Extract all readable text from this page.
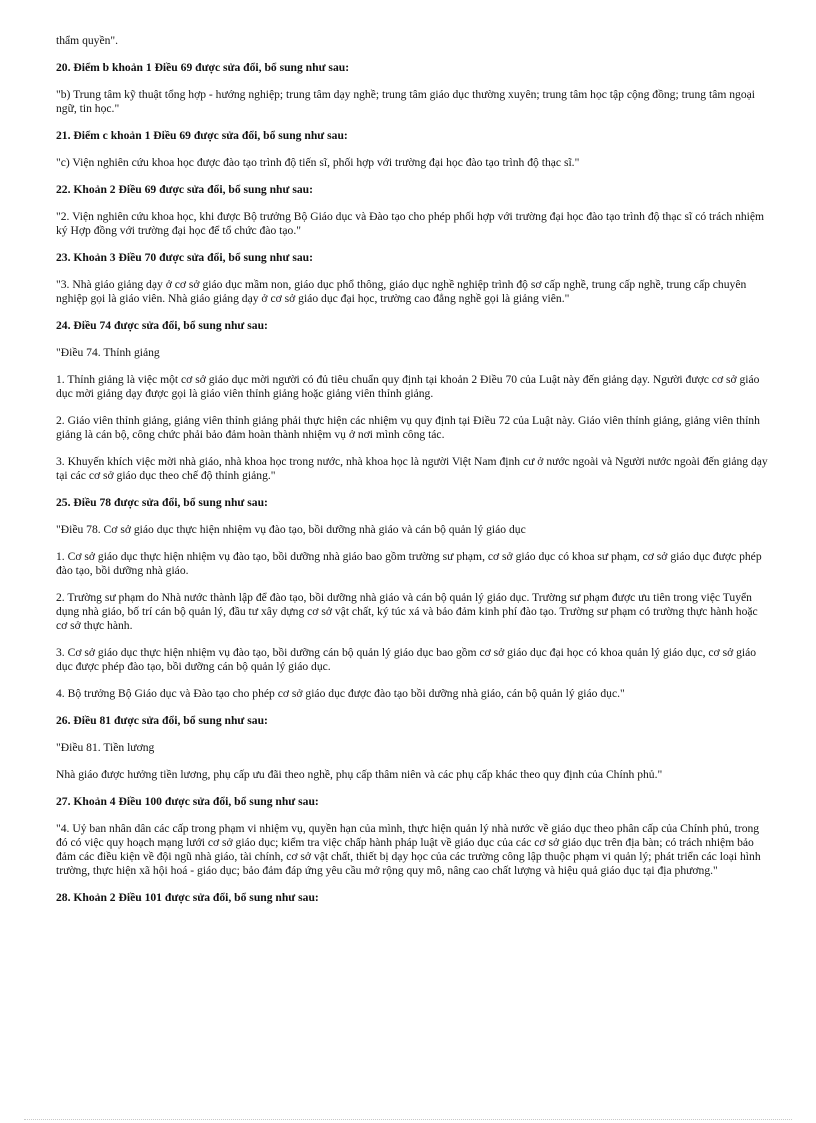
thẩm quyền".

20. Điểm b khoản 1 Điều 69 được sửa đổi, bổ sung như sau:

"b) Trung tâm kỹ thuật tổng hợp - hướng nghiệp; trung tâm dạy nghề; trung tâm giáo dục thường xuyên; trung tâm học tập cộng đồng; trung tâm ngoại ngữ, tin học."

21. Điểm c khoản 1 Điều 69 được sửa đổi, bổ sung như sau:

"c) Viện nghiên cứu khoa học được đào tạo trình độ tiến sĩ, phối hợp với trường đại học đào tạo trình độ thạc sĩ."

22. Khoản 2 Điều 69 được sửa đổi, bổ sung như sau:

"2. Viện nghiên cứu khoa học, khi được Bộ trưởng Bộ Giáo dục và Đào tạo cho phép phối hợp với trường đại học đào tạo trình độ thạc sĩ có trách nhiệm ký Hợp đồng với trường đại học để tổ chức đào tạo."

23. Khoản 3 Điều 70 được sửa đổi, bổ sung như sau:

"3. Nhà giáo giảng dạy ở cơ sở giáo dục mầm non, giáo dục phổ thông, giáo dục nghề nghiệp trình độ sơ cấp nghề, trung cấp nghề, trung cấp chuyên nghiệp gọi là giáo viên. Nhà giáo giảng dạy ở cơ sở giáo dục đại học, trường cao đẳng nghề gọi là giảng viên."

24. Điều 74 được sửa đổi, bổ sung như sau:

"Điều 74. Thỉnh giảng

1. Thỉnh giảng là việc một cơ sở giáo dục mời người có đủ tiêu chuẩn quy định tại khoản 2 Điều 70 của Luật này đến giảng dạy. Người được cơ sở giáo dục mời giảng dạy được gọi là giáo viên thỉnh giảng hoặc giảng viên thỉnh giảng.

2. Giáo viên thỉnh giảng, giảng viên thỉnh giảng phải thực hiện các nhiệm vụ quy định tại Điều 72 của Luật này. Giáo viên thỉnh giảng, giảng viên thỉnh giảng là cán bộ, công chức phải bảo đảm hoàn thành nhiệm vụ ở nơi mình công tác.

3. Khuyến khích việc mời nhà giáo, nhà khoa học trong nước, nhà khoa học là người Việt Nam định cư ở nước ngoài và Người nước ngoài đến giảng dạy tại các cơ sở giáo dục theo chế độ thỉnh giảng."

25. Điều 78 được sửa đổi, bổ sung như sau:

"Điều 78. Cơ sở giáo dục thực hiện nhiệm vụ đào tạo, bồi dưỡng nhà giáo và cán bộ quản lý giáo dục

1. Cơ sở giáo dục thực hiện nhiệm vụ đào tạo, bồi dưỡng nhà giáo bao gồm trường sư phạm, cơ sở giáo dục có khoa sư phạm, cơ sở giáo dục được phép đào tạo, bồi dưỡng nhà giáo.

2. Trường sư phạm do Nhà nước thành lập để đào tạo, bồi dưỡng nhà giáo và cán bộ quản lý giáo dục. Trường sư phạm được ưu tiên trong việc Tuyển dụng nhà giáo, bố trí cán bộ quản lý, đầu tư xây dựng cơ sở vật chất, ký túc xá và bảo đảm kinh phí đào tạo. Trường sư phạm có trường thực hành hoặc cơ sở thực hành.

3. Cơ sở giáo dục thực hiện nhiệm vụ đào tạo, bồi dưỡng cán bộ quản lý giáo dục bao gồm cơ sở giáo dục đại học có khoa quản lý giáo dục, cơ sở giáo dục được phép đào tạo, bồi dưỡng cán bộ quản lý giáo dục.

4. Bộ trưởng Bộ Giáo dục và Đào tạo cho phép cơ sở giáo dục được đào tạo bồi dưỡng nhà giáo, cán bộ quản lý giáo dục."

26. Điều 81 được sửa đổi, bổ sung như sau:

"Điều 81. Tiền lương

Nhà giáo được hưởng tiền lương, phụ cấp ưu đãi theo nghề, phụ cấp thâm niên và các phụ cấp khác theo quy định của Chính phủ."

27. Khoản 4 Điều 100 được sửa đổi, bổ sung như sau:

"4. Uỷ ban nhân dân các cấp trong phạm vi nhiệm vụ, quyền hạn của mình, thực hiện quản lý nhà nước về giáo dục theo phân cấp của Chính phủ, trong đó có việc quy hoạch mạng lưới cơ sở giáo dục; kiểm tra việc chấp hành pháp luật về giáo dục của các cơ sở giáo dục trên địa bàn; có trách nhiệm bảo đảm các điều kiện về đội ngũ nhà giáo, tài chính, cơ sở vật chất, thiết bị dạy học của các trường công lập thuộc phạm vi quản lý; phát triển các loại hình trường, thực hiện xã hội hoá - giáo dục; bảo đảm đáp ứng yêu cầu mở rộng quy mô, nâng cao chất lượng và hiệu quả giáo dục tại địa phương."

28. Khoản 2 Điều 101 được sửa đổi, bổ sung như sau:
